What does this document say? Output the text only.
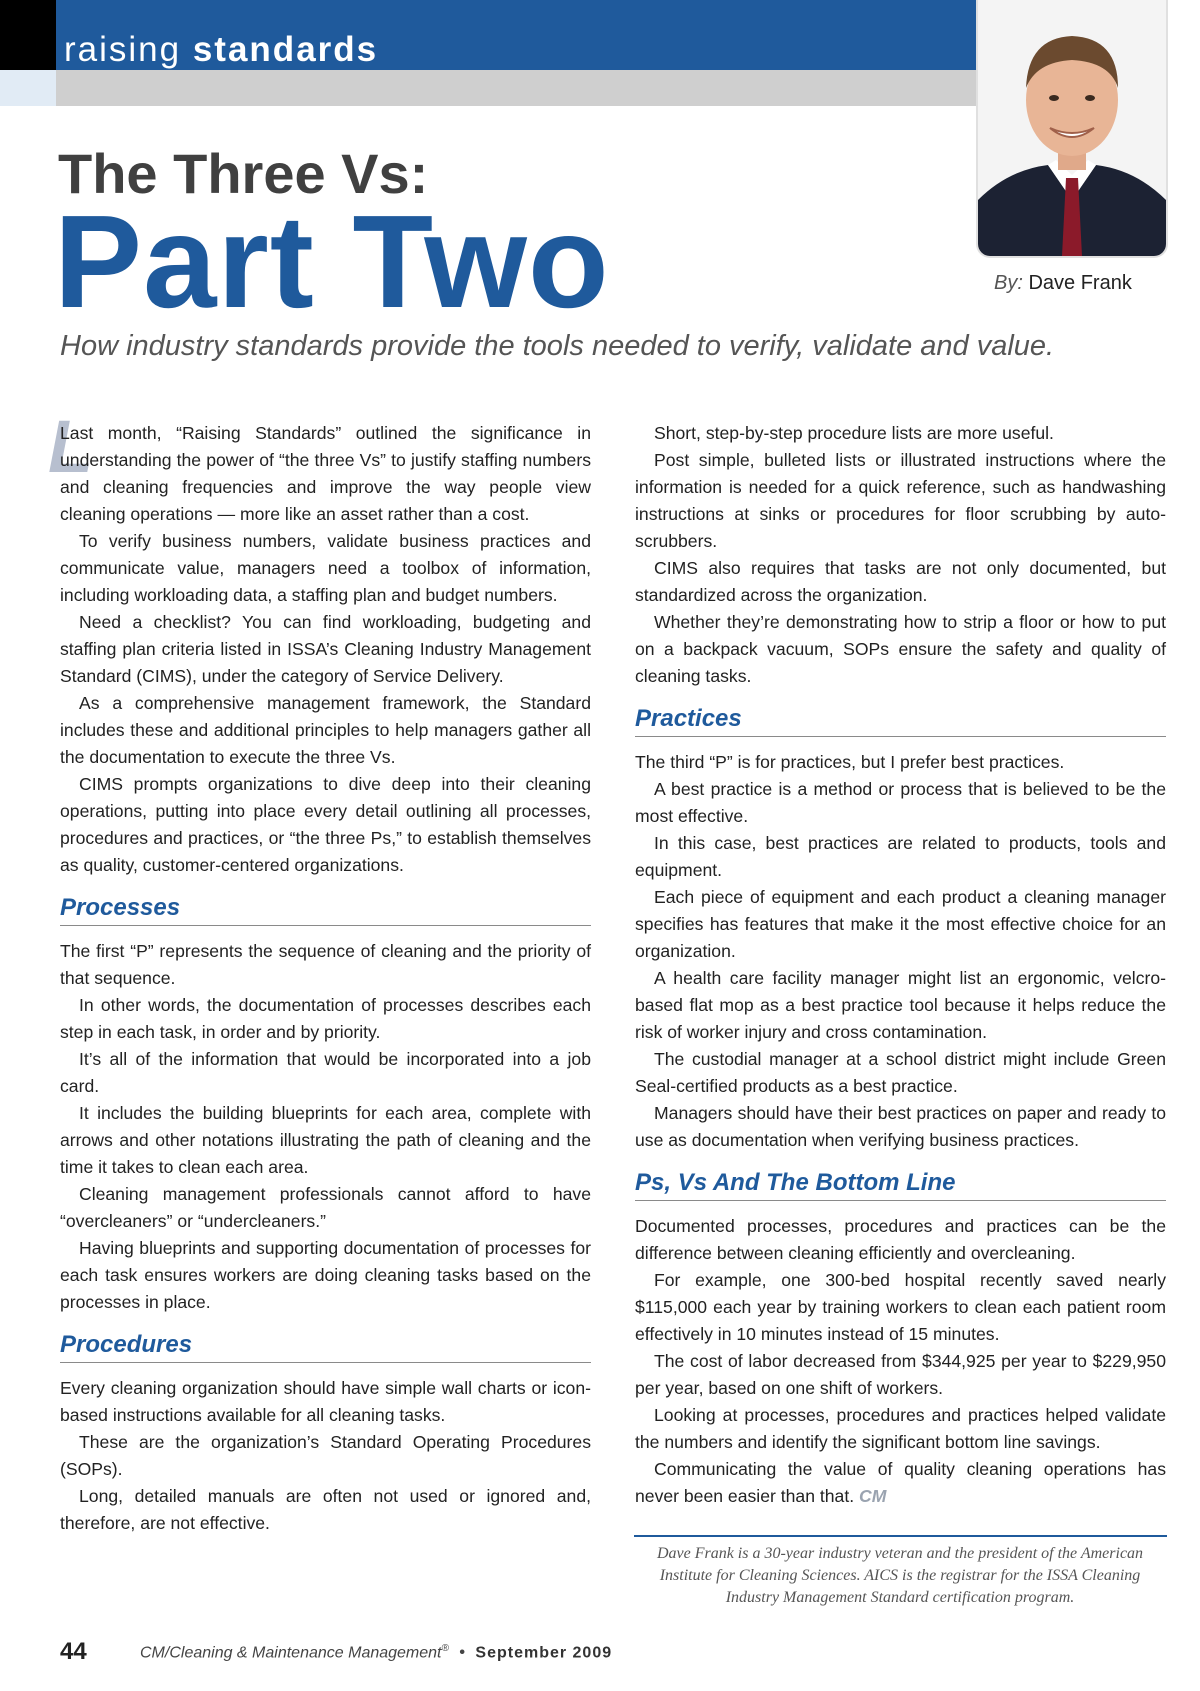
raising standards
By: Dave Frank
The Three Vs:
Part Two
How industry standards provide the tools needed to verify, validate and value.
L

Last month, “Raising Standards” outlined the significance in understanding the power of “the three Vs” to justify staffing numbers and cleaning frequencies and improve the way people view cleaning operations — more like an asset rather than a cost.

To verify business numbers, validate business practices and communicate value, managers need a toolbox of information, including workloading data, a staffing plan and budget numbers.

Need a checklist? You can find workloading, budgeting and staffing plan criteria listed in ISSA’s Cleaning Industry Management Standard (CIMS), under the category of Service Delivery.

As a comprehensive management framework, the Standard includes these and additional principles to help managers gather all the documentation to execute the three Vs.

CIMS prompts organizations to dive deep into their cleaning operations, putting into place every detail outlining all processes, procedures and practices, or “the three Ps,” to establish themselves as quality, customer-centered organizations.

Processes

The first “P” represents the sequence of cleaning and the priority of that sequence.

In other words, the documentation of processes describes each step in each task, in order and by priority.

It’s all of the information that would be incorporated into a job card.

It includes the building blueprints for each area, complete with arrows and other notations illustrating the path of cleaning and the time it takes to clean each area.

Cleaning management professionals cannot afford to have “overcleaners” or “undercleaners.”

Having blueprints and supporting documentation of processes for each task ensures workers are doing cleaning tasks based on the processes in place.

Procedures

Every cleaning organization should have simple wall charts or icon-based instructions available for all cleaning tasks.

These are the organization’s Standard Operating Procedures (SOPs).

Long, detailed manuals are often not used or ignored and, therefore, are not effective.

Short, step-by-step procedure lists are more useful.

Post simple, bulleted lists or illustrated instructions where the information is needed for a quick reference, such as handwashing instructions at sinks or procedures for floor scrubbing by auto-scrubbers.

CIMS also requires that tasks are not only documented, but standardized across the organization.

Whether they’re demonstrating how to strip a floor or how to put on a backpack vacuum, SOPs ensure the safety and quality of cleaning tasks.

Practices

The third “P” is for practices, but I prefer best practices.

A best practice is a method or process that is believed to be the most effective.

In this case, best practices are related to products, tools and equipment.

Each piece of equipment and each product a cleaning manager specifies has features that make it the most effective choice for an organization.

A health care facility manager might list an ergonomic, velcro-based flat mop as a best practice tool because it helps reduce the risk of worker injury and cross contamination.

The custodial manager at a school district might include Green Seal-certified products as a best practice.

Managers should have their best practices on paper and ready to use as documentation when verifying business practices.

Ps, Vs And The Bottom Line

Documented processes, procedures and practices can be the difference between cleaning efficiently and overcleaning.

For example, one 300-bed hospital recently saved nearly $115,000 each year by training workers to clean each patient room effectively in 10 minutes instead of 15 minutes.

The cost of labor decreased from $344,925 per year to $229,950 per year, based on one shift of workers.

Looking at processes, procedures and practices helped validate the numbers and identify the significant bottom line savings.

Communicating the value of quality cleaning operations has never been easier than that. CM

Dave Frank is a 30-year industry veteran and the president of the American Institute for Cleaning Sciences. AICS is the registrar for the ISSA Cleaning Industry Management Standard certification program.
44	CM/Cleaning & Maintenance Management® • September 2009
